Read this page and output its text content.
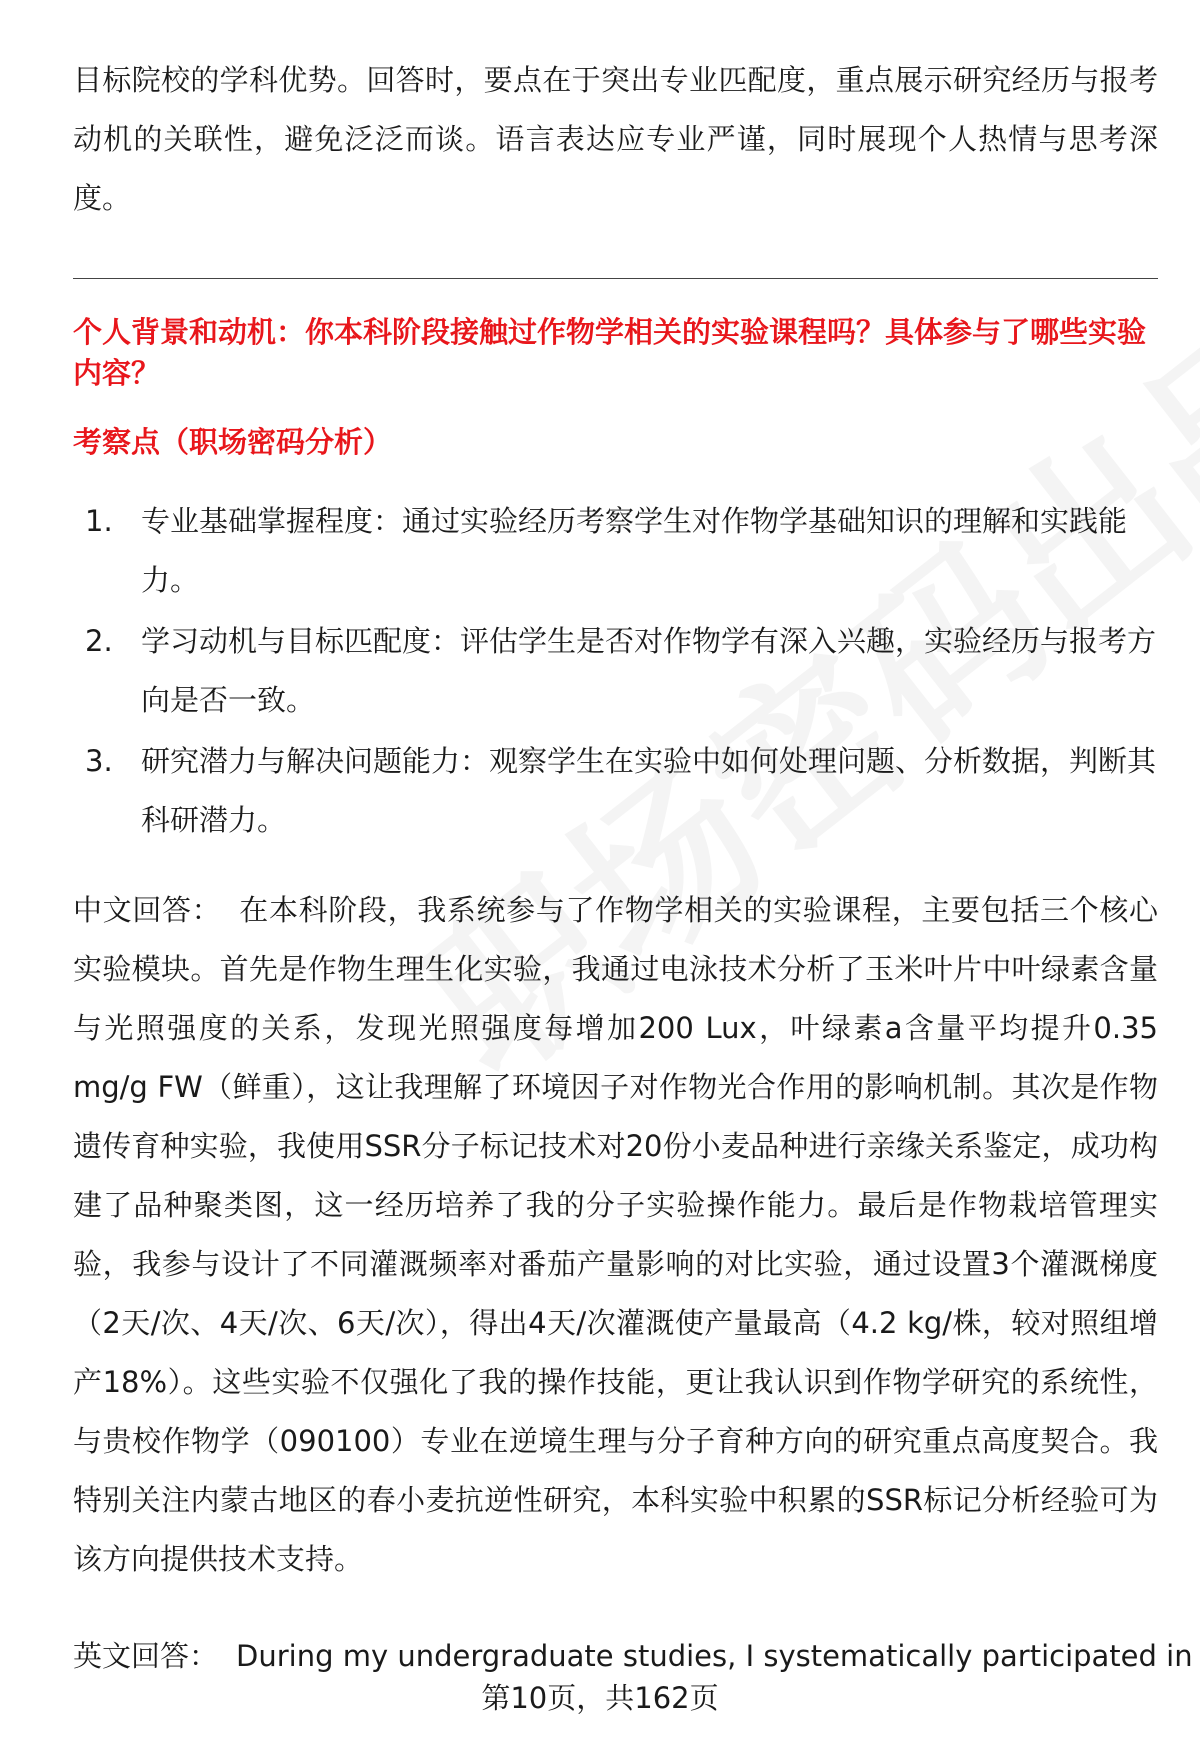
目标院校的学科优势。回答时，要点在于突出专业匹配度，重点展示研究经历与报考动机的关联性，避免泛泛而谈。语言表达应专业严谨，同时展现个人热情与思考深度。

个人背景和动机：你本科阶段接触过作物学相关的实验课程吗？具体参与了哪些实验内容？
考察点（职场密码分析）
1. 专业基础掌握程度：通过实验经历考察学生对作物学基础知识的理解和实践能力。
2. 学习动机与目标匹配度：评估学生是否对作物学有深入兴趣，实验经历与报考方向是否一致。
3. 研究潜力与解决问题能力：观察学生在实验中如何处理问题、分析数据，判断其科研潜力。

中文回答： 在本科阶段，我系统参与了作物学相关的实验课程，主要包括三个核心实验模块。首先是作物生理生化实验，我通过电泳技术分析了玉米叶片中叶绿素含量与光照强度的关系，发现光照强度每增加200 Lux，叶绿素a含量平均提升0.35 mg/g FW（鲜重），这让我理解了环境因子对作物光合作用的影响机制。其次是作物遗传育种实验，我使用SSR分子标记技术对20份小麦品种进行亲缘关系鉴定，成功构建了品种聚类图，这一经历培养了我的分子实验操作能力。最后是作物栽培管理实验，我参与设计了不同灌溉频率对番茄产量影响的对比实验，通过设置3个灌溉梯度（2天/次、4天/次、6天/次），得出4天/次灌溉使产量最高（4.2 kg/株，较对照组增产18%）。这些实验不仅强化了我的操作技能，更让我认识到作物学研究的系统性，与贵校作物学（090100）专业在逆境生理与分子育种方向的研究重点高度契合。我特别关注内蒙古地区的春小麦抗逆性研究，本科实验中积累的SSR标记分析经验可为该方向提供技术支持。

英文回答： During my undergraduate studies, I systematically participated in

第10页，共162页
